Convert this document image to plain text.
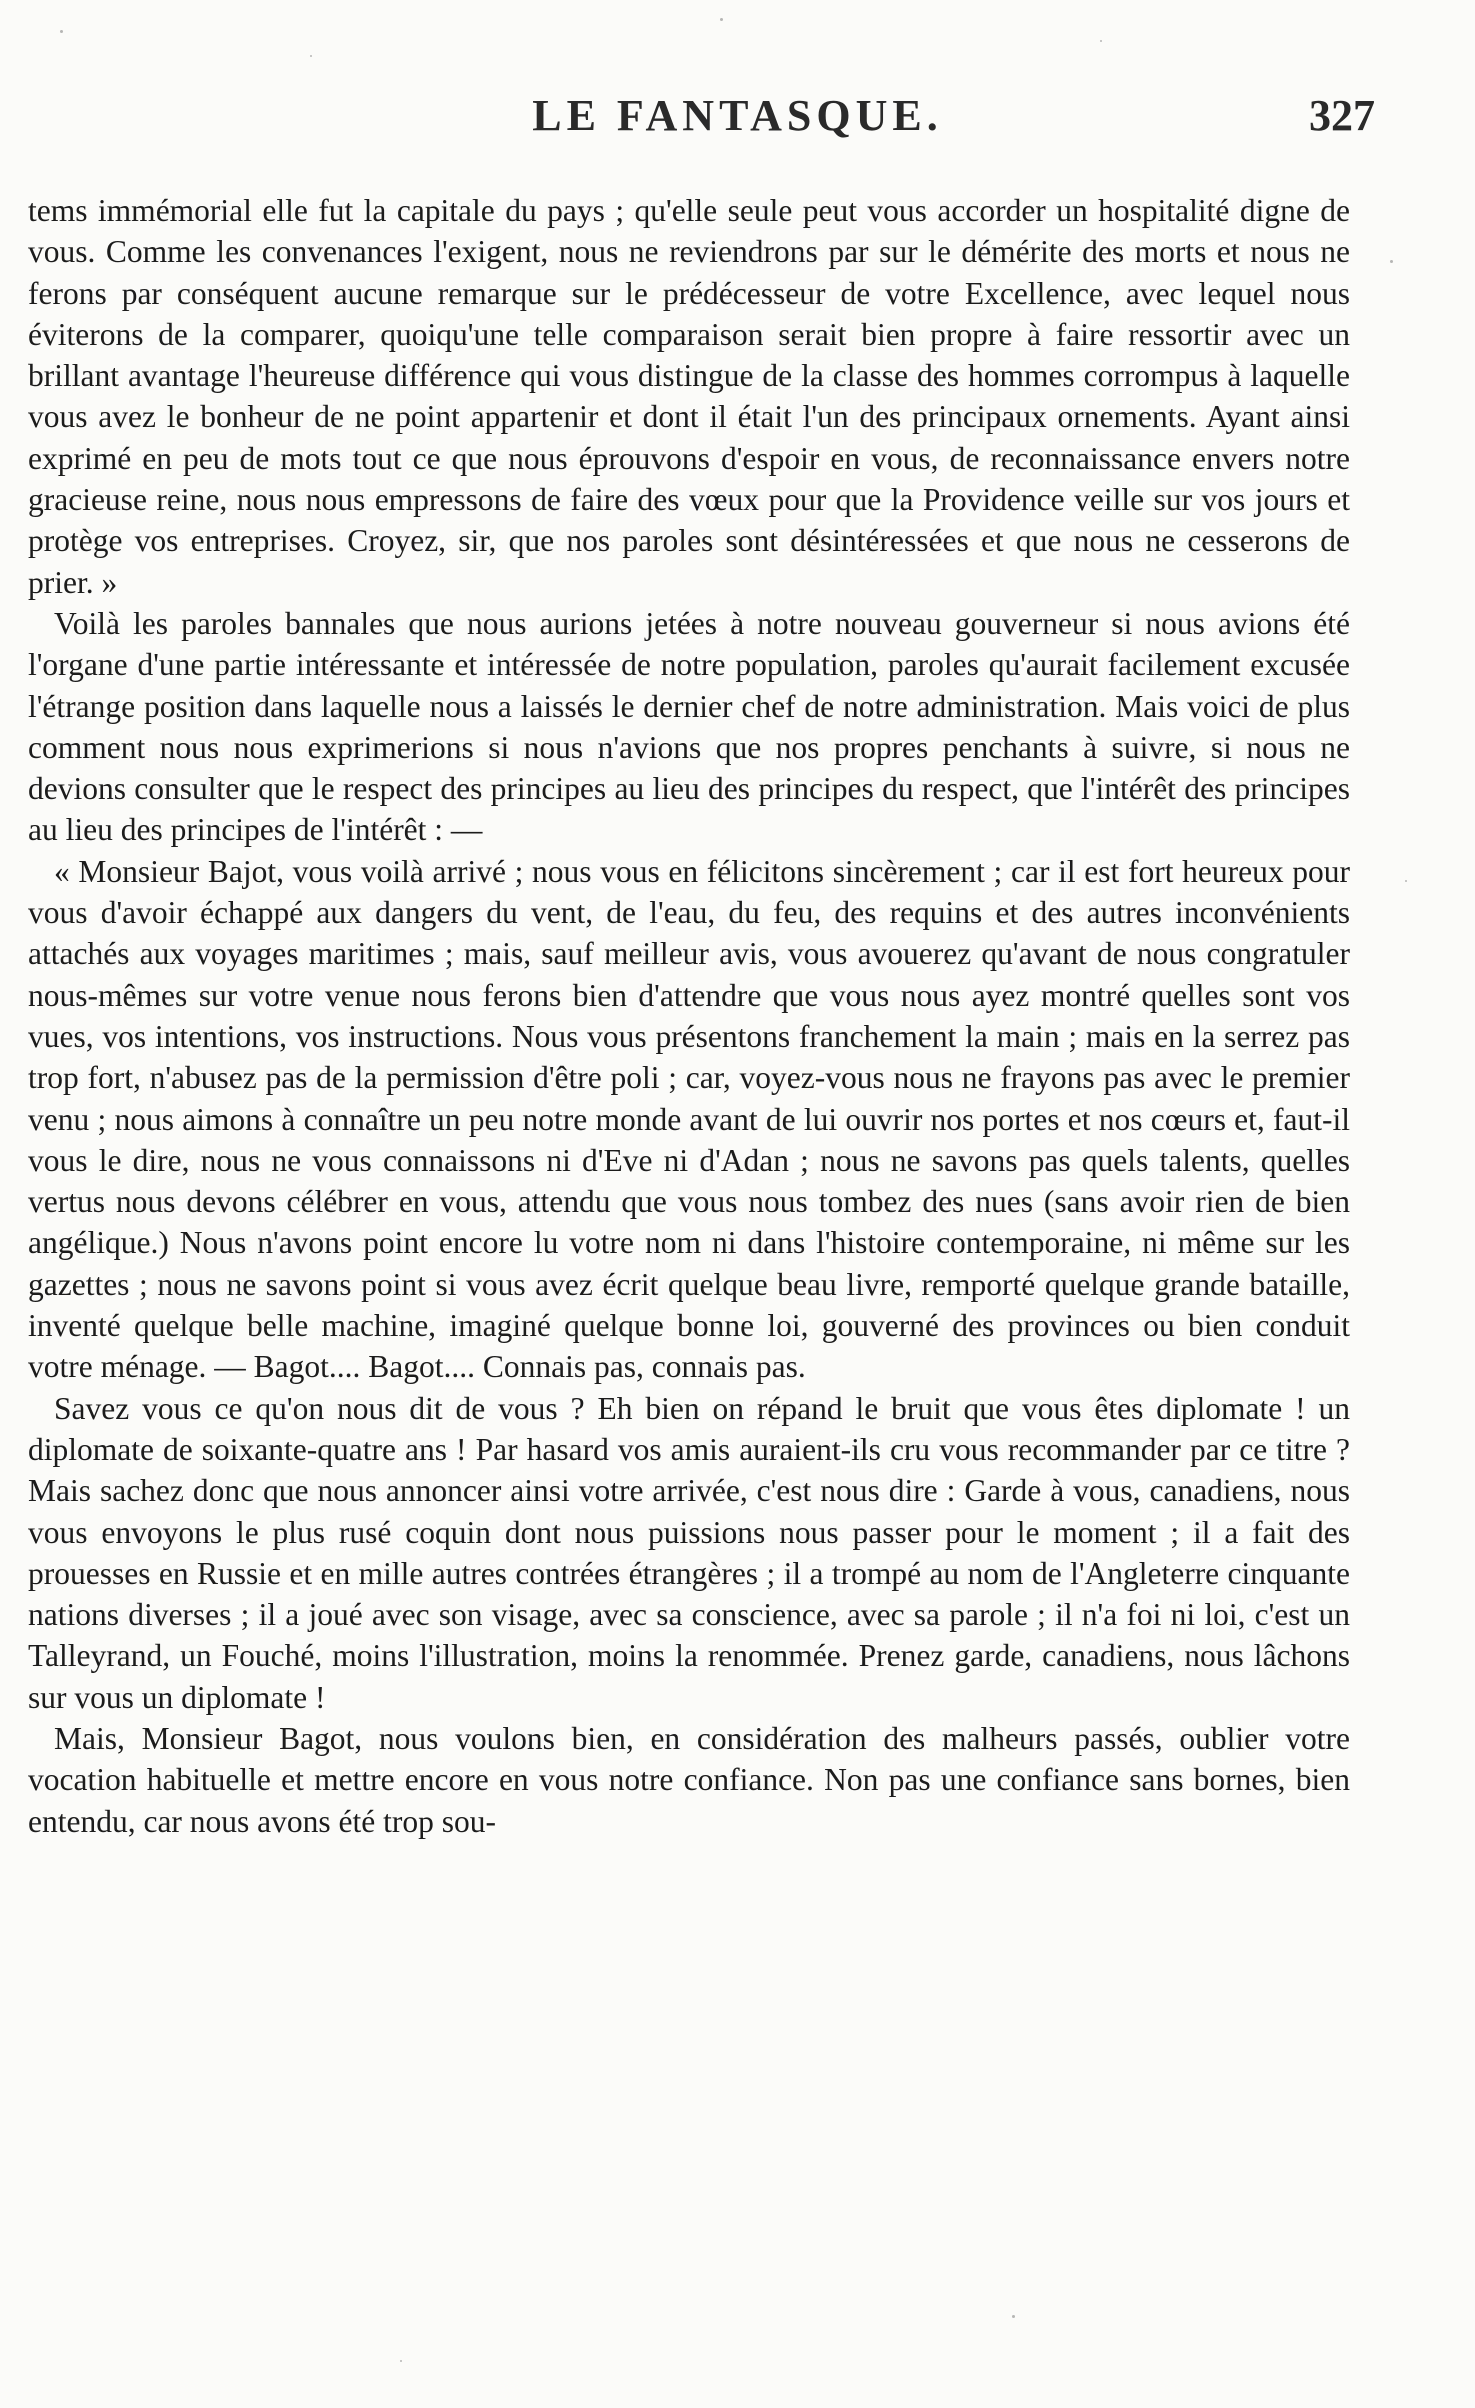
LE FANTASQUE.	327

tems immémorial elle fut la capitale du pays ; qu'elle seule peut vous accorder un hospitalité digne de vous. Comme les convenances l'exigent, nous ne reviendrons par sur le démérite des morts et nous ne ferons par conséquent aucune remarque sur le prédécesseur de votre Excellence, avec lequel nous éviterons de la comparer, quoiqu'une telle comparaison serait bien propre à faire ressortir avec un brillant avantage l'heureuse différence qui vous distingue de la classe des hommes corrompus à laquelle vous avez le bonheur de ne point appartenir et dont il était l'un des principaux ornements. Ayant ainsi exprimé en peu de mots tout ce que nous éprouvons d'espoir en vous, de reconnaissance envers notre gracieuse reine, nous nous empressons de faire des vœux pour que la Providence veille sur vos jours et protège vos entreprises. Croyez, sir, que nos paroles sont désintéressées et que nous ne cesserons de prier. »

Voilà les paroles bannales que nous aurions jetées à notre nouveau gouverneur si nous avions été l'organe d'une partie intéressante et intéressée de notre population, paroles qu'aurait facilement excusée l'étrange position dans laquelle nous a laissés le dernier chef de notre administration. Mais voici de plus comment nous nous exprimerions si nous n'avions que nos propres penchants à suivre, si nous ne devions consulter que le respect des principes au lieu des principes du respect, que l'intérêt des principes au lieu des principes de l'intérêt : —

« Monsieur Bajot, vous voilà arrivé ; nous vous en félicitons sincèrement ; car il est fort heureux pour vous d'avoir échappé aux dangers du vent, de l'eau, du feu, des requins et des autres inconvénients attachés aux voyages maritimes ; mais, sauf meilleur avis, vous avouerez qu'avant de nous congratuler nous-mêmes sur votre venue nous ferons bien d'attendre que vous nous ayez montré quelles sont vos vues, vos intentions, vos instructions. Nous vous présentons franchement la main ; mais en la serrez pas trop fort, n'abusez pas de la permission d'être poli ; car, voyez-vous nous ne frayons pas avec le premier venu ; nous aimons à connaître un peu notre monde avant de lui ouvrir nos portes et nos cœurs et, faut-il vous le dire, nous ne vous connaissons ni d'Eve ni d'Adan ; nous ne savons pas quels talents, quelles vertus nous devons célébrer en vous, attendu que vous nous tombez des nues (sans avoir rien de bien angélique.) Nous n'avons point encore lu votre nom ni dans l'histoire contemporaine, ni même sur les gazettes ; nous ne savons point si vous avez écrit quelque beau livre, remporté quelque grande bataille, inventé quelque belle machine, imaginé quelque bonne loi, gouverné des provinces ou bien conduit votre ménage. — Bagot.... Bagot.... Connais pas, connais pas.

Savez vous ce qu'on nous dit de vous ? Eh bien on répand le bruit que vous êtes diplomate ! un diplomate de soixante-quatre ans ! Par hasard vos amis auraient-ils cru vous recommander par ce titre ? Mais sachez donc que nous annoncer ainsi votre arrivée, c'est nous dire : Garde à vous, canadiens, nous vous envoyons le plus rusé coquin dont nous puissions nous passer pour le moment ; il a fait des prouesses en Russie et en mille autres contrées étrangères ; il a trompé au nom de l'Angleterre cinquante nations diverses ; il a joué avec son visage, avec sa conscience, avec sa parole ; il n'a foi ni loi, c'est un Talleyrand, un Fouché, moins l'illustration, moins la renommée. Prenez garde, canadiens, nous lâchons sur vous un diplomate !

Mais, Monsieur Bagot, nous voulons bien, en considération des malheurs passés, oublier votre vocation habituelle et mettre encore en vous notre confiance. Non pas une confiance sans bornes, bien entendu, car nous avons été trop sou-
